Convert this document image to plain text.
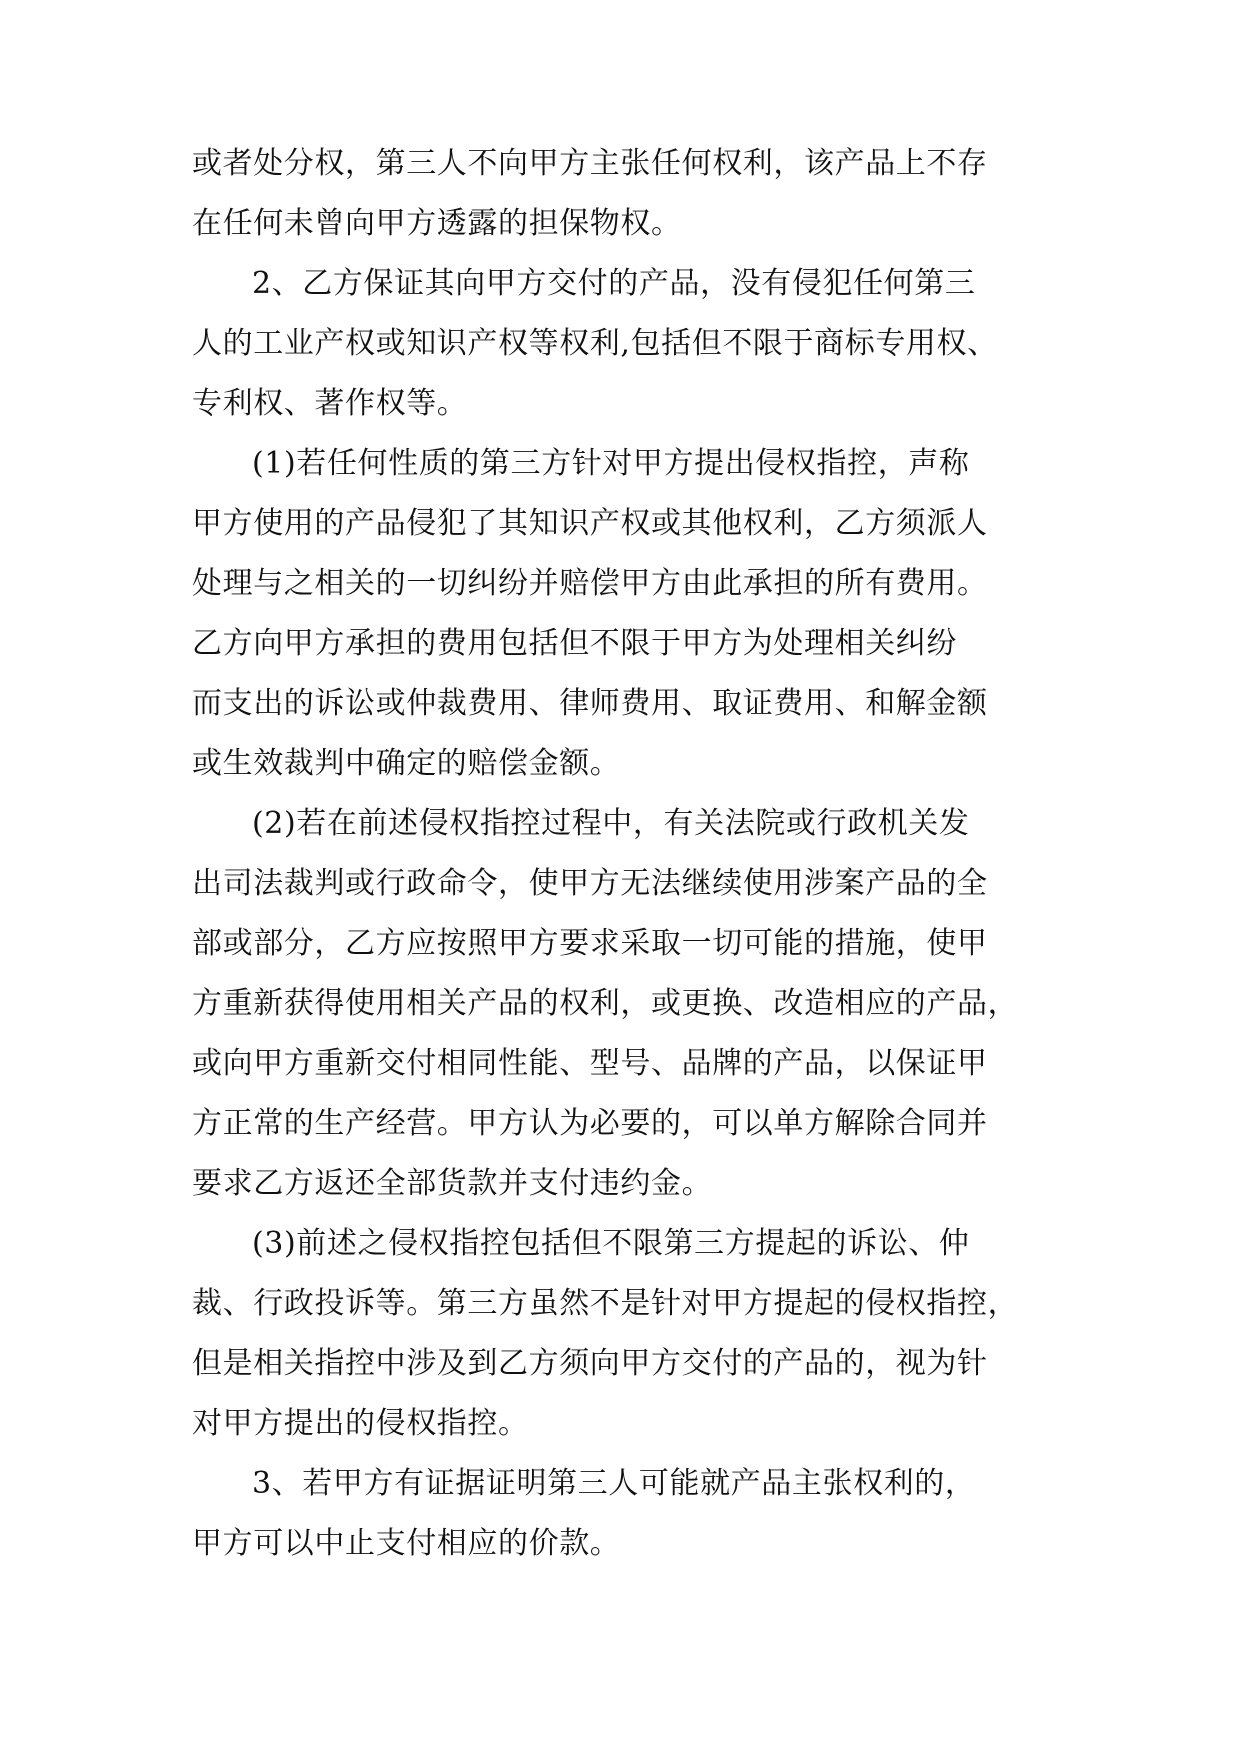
或者处分权，第三人不向甲方主张任何权利，该产品上不存
在任何未曾向甲方透露的担保物权。
2、乙方保证其向甲方交付的产品，没有侵犯任何第三
人的工业产权或知识产权等权利,包括但不限于商标专用权、
专利权、著作权等。
(1)若任何性质的第三方针对甲方提出侵权指控，声称
甲方使用的产品侵犯了其知识产权或其他权利，乙方须派人
处理与之相关的一切纠纷并赔偿甲方由此承担的所有费用。
乙方向甲方承担的费用包括但不限于甲方为处理相关纠纷
而支出的诉讼或仲裁费用、律师费用、取证费用、和解金额
或生效裁判中确定的赔偿金额。
(2)若在前述侵权指控过程中，有关法院或行政机关发
出司法裁判或行政命令，使甲方无法继续使用涉案产品的全
部或部分，乙方应按照甲方要求采取一切可能的措施，使甲
方重新获得使用相关产品的权利，或更换、改造相应的产品，
或向甲方重新交付相同性能、型号、品牌的产品，以保证甲
方正常的生产经营。甲方认为必要的，可以单方解除合同并
要求乙方返还全部货款并支付违约金。
(3)前述之侵权指控包括但不限第三方提起的诉讼、仲
裁、行政投诉等。第三方虽然不是针对甲方提起的侵权指控，
但是相关指控中涉及到乙方须向甲方交付的产品的，视为针
对甲方提出的侵权指控。
3、若甲方有证据证明第三人可能就产品主张权利的，
甲方可以中止支付相应的价款。
